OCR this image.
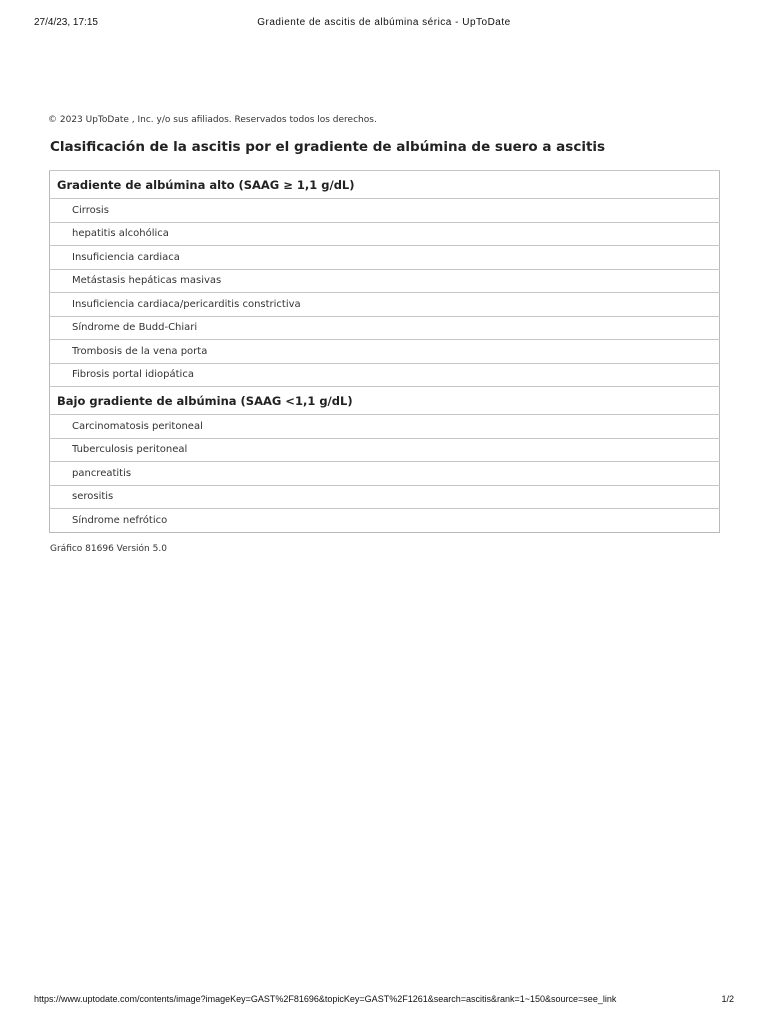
27/4/23, 17:15	Gradiente de ascitis de albúmina sérica - UpToDate
© 2023 UpToDate , Inc. y/o sus afiliados. Reservados todos los derechos.
Clasificación de la ascitis por el gradiente de albúmina de suero a ascitis
Gradiente de albúmina alto (SAAG ≥ 1,1 g/dL)
Cirrosis
hepatitis alcohólica
Insuficiencia cardiaca
Metástasis hepáticas masivas
Insuficiencia cardiaca/pericarditis constrictiva
Síndrome de Budd-Chiari
Trombosis de la vena porta
Fibrosis portal idiopática
Bajo gradiente de albúmina (SAAG <1,1 g/dL)
Carcinomatosis peritoneal
Tuberculosis peritoneal
pancreatitis
serositis
Síndrome nefrótico
Gráfico 81696 Versión 5.0
https://www.uptodate.com/contents/image?imageKey=GAST%2F81696&topicKey=GAST%2F1261&search=ascitis&rank=1~150&source=see_link	1/2
